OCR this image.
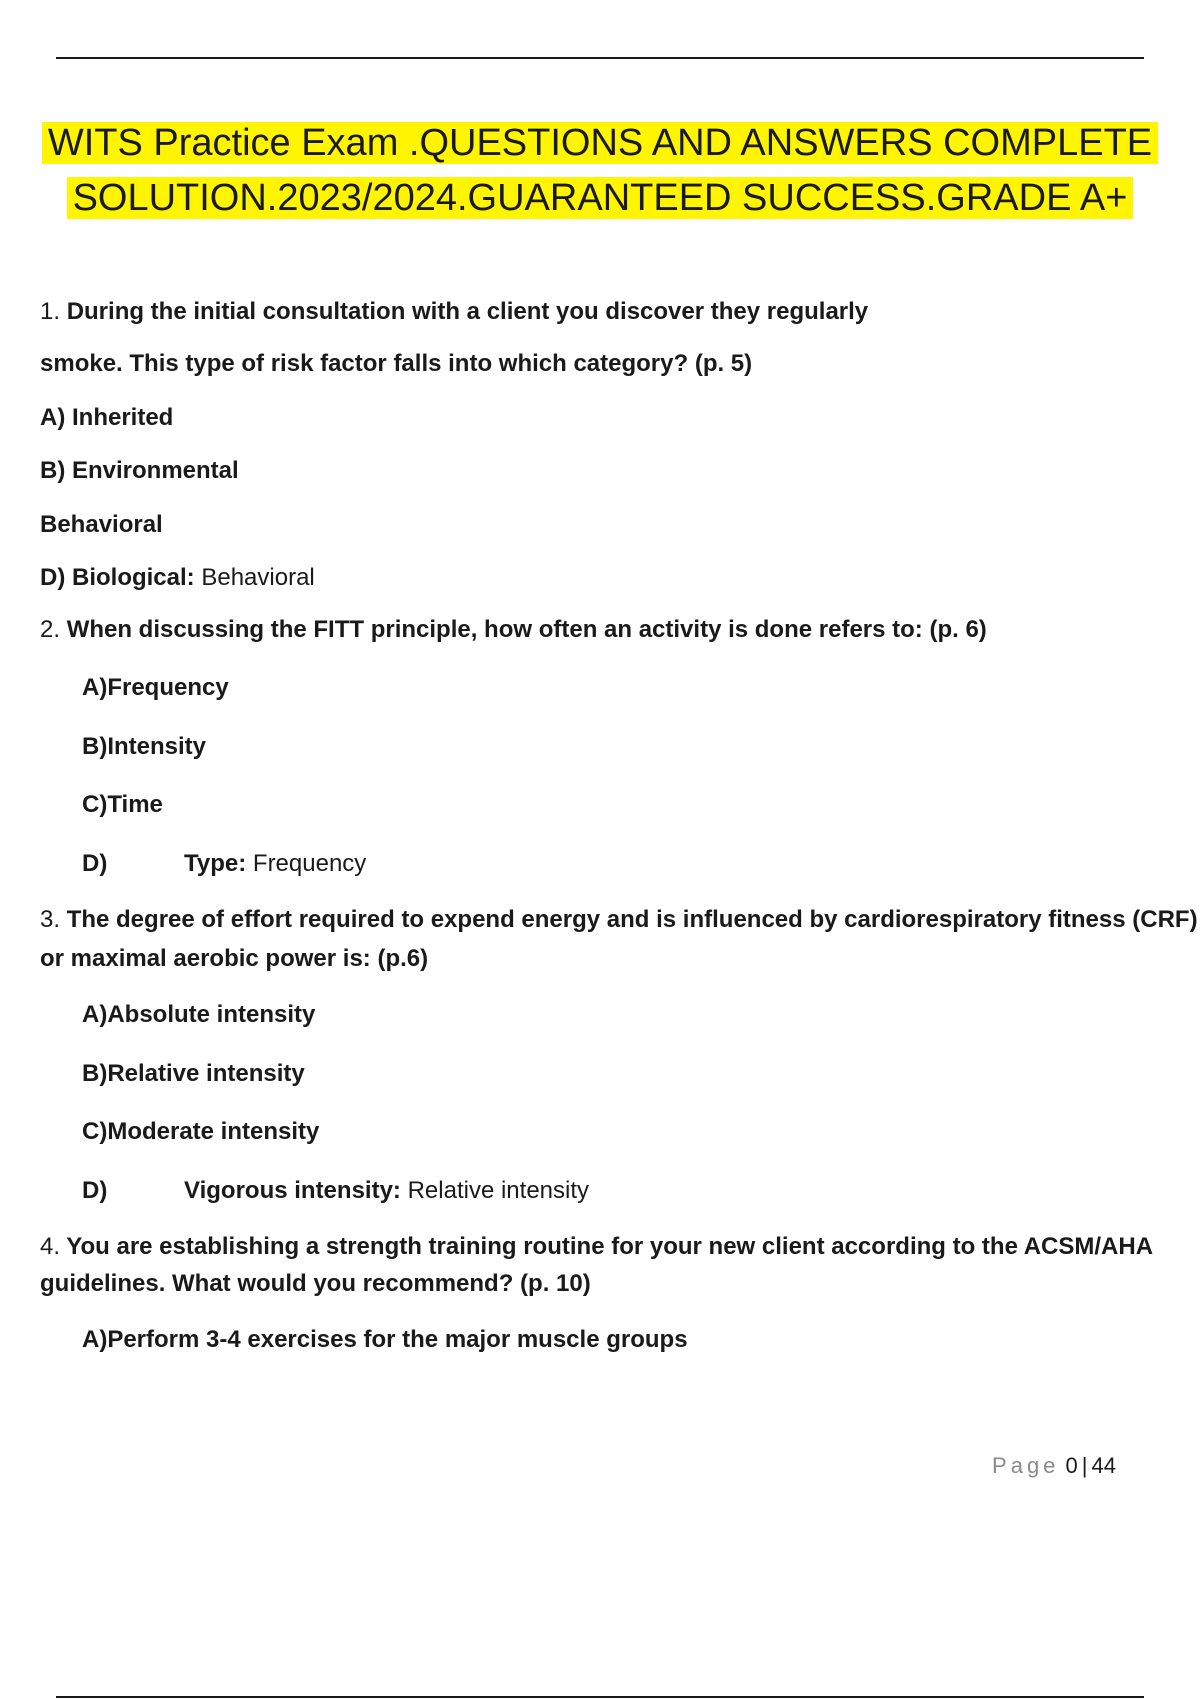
WITS Practice Exam .QUESTIONS AND ANSWERS COMPLETE
SOLUTION.2023/2024.GUARANTEED SUCCESS.GRADE A+
1. During the initial consultation with a client you discover they regularly
smoke. This type of risk factor falls into which category? (p. 5)
A) Inherited
B) Environmental
Behavioral
D) Biological: Behavioral
2. When discussing the FITT principle, how often an activity is done refers to: (p. 6)
A)Frequency
B)Intensity
C)Time
D)	Type: Frequency
3. The degree of effort required to expend energy and is influenced by cardiorespiratory fitness (CRF)
or maximal aerobic power is: (p.6)
A)Absolute intensity
B)Relative intensity
C)Moderate intensity
D)	Vigorous intensity: Relative intensity
4. You are establishing a strength training routine for your new client according to the ACSM/AHA
guidelines. What would you recommend? (p. 10)
A)Perform 3-4 exercises for the major muscle groups
Page 0 | 44
